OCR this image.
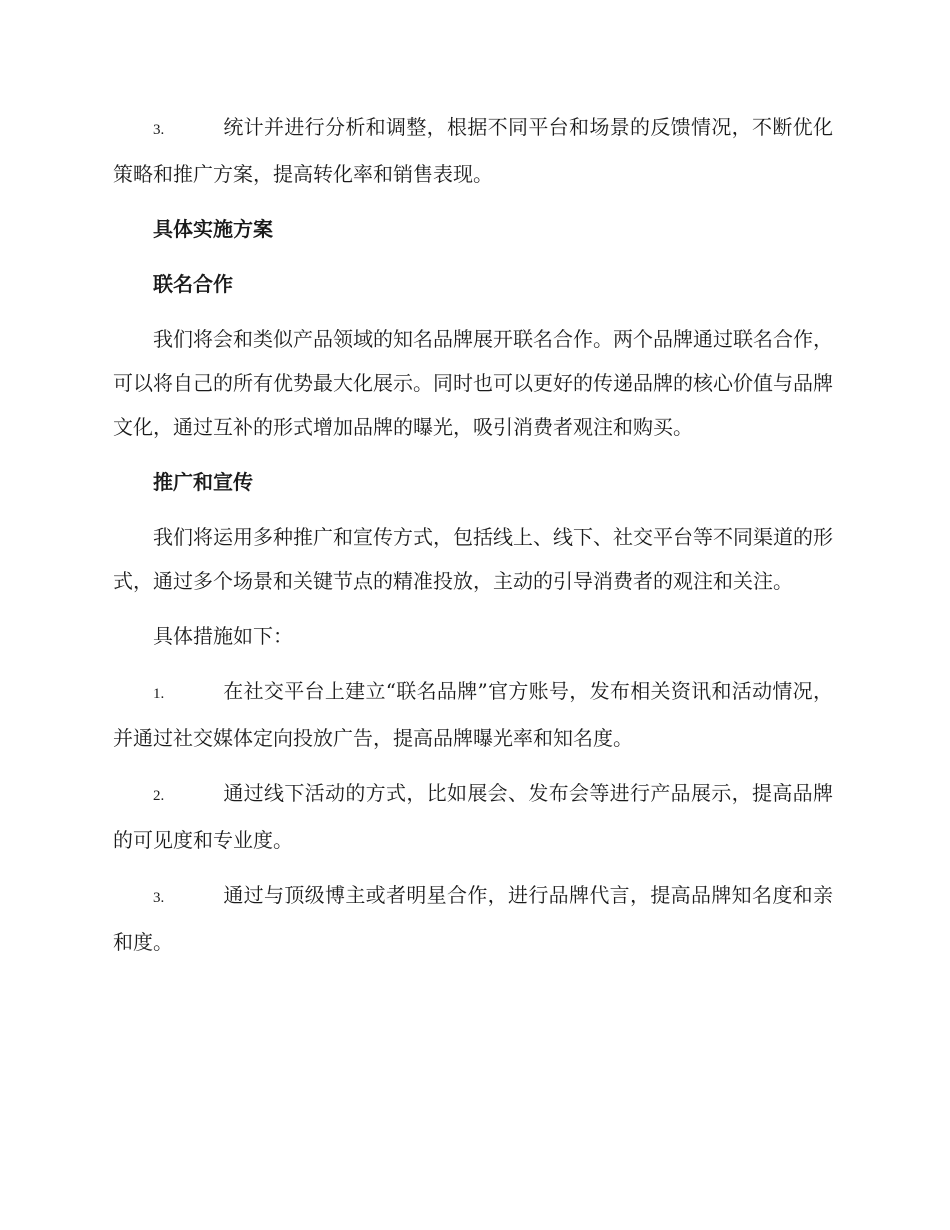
3.	统计并进行分析和调整，根据不同平台和场景的反馈情况，不断优化策略和推广方案，提高转化率和销售表现。

具体实施方案

联名合作

我们将会和类似产品领域的知名品牌展开联名合作。两个品牌通过联名合作，可以将自己的所有优势最大化展示。同时也可以更好的传递品牌的核心价值与品牌文化，通过互补的形式增加品牌的曝光，吸引消费者观注和购买。

推广和宣传

我们将运用多种推广和宣传方式，包括线上、线下、社交平台等不同渠道的形式，通过多个场景和关键节点的精准投放，主动的引导消费者的观注和关注。

具体措施如下：

1.	在社交平台上建立“联名品牌”官方账号，发布相关资讯和活动情况，并通过社交媒体定向投放广告，提高品牌曝光率和知名度。

2.	通过线下活动的方式，比如展会、发布会等进行产品展示，提高品牌的可见度和专业度。

3.	通过与顶级博主或者明星合作，进行品牌代言，提高品牌知名度和亲和度。
